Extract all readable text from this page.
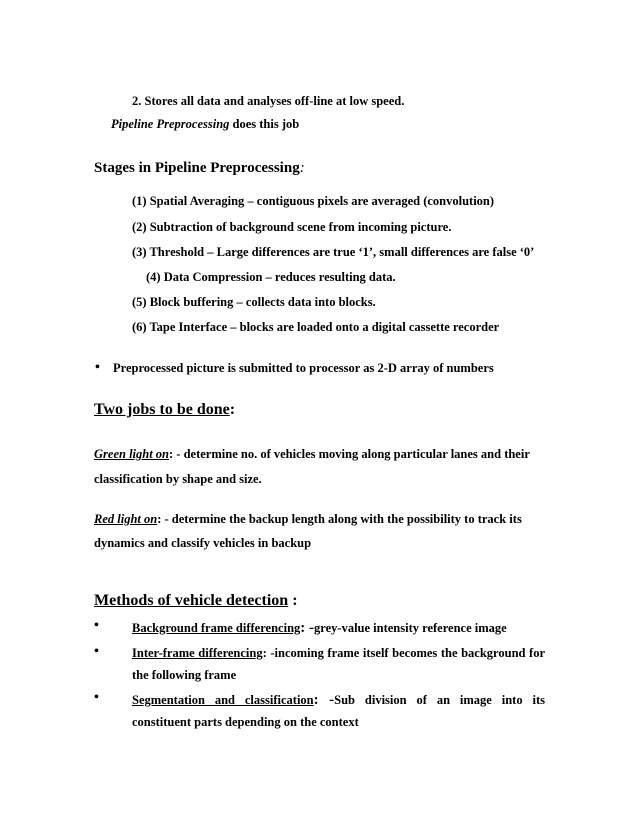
2. Stores all data and analyses off-line at low speed.
Pipeline Preprocessing does this job
Stages in Pipeline Preprocessing:
(1) Spatial Averaging – contiguous pixels are averaged (convolution)
(2) Subtraction of background scene from incoming picture.
(3) Threshold – Large differences are true ‘1’, small differences are false ‘0’
(4) Data Compression – reduces resulting data.
(5) Block buffering – collects data into blocks.
(6) Tape Interface – blocks are loaded onto a digital cassette recorder
• Preprocessed picture is submitted to processor as 2-D array of numbers
Two jobs to be done:
Green light on: - determine no. of vehicles moving along particular lanes and their
classification by shape and size.
Red light on: - determine the backup length along with the possibility to track its
dynamics and classify vehicles in backup
Methods of vehicle detection :
•	Background frame differencing: -grey-value intensity reference image
•	Inter-frame differencing: -incoming frame itself becomes the background for
the following frame
•	Segmentation and classification: -Sub division of an image into its
constituent parts depending on the context
